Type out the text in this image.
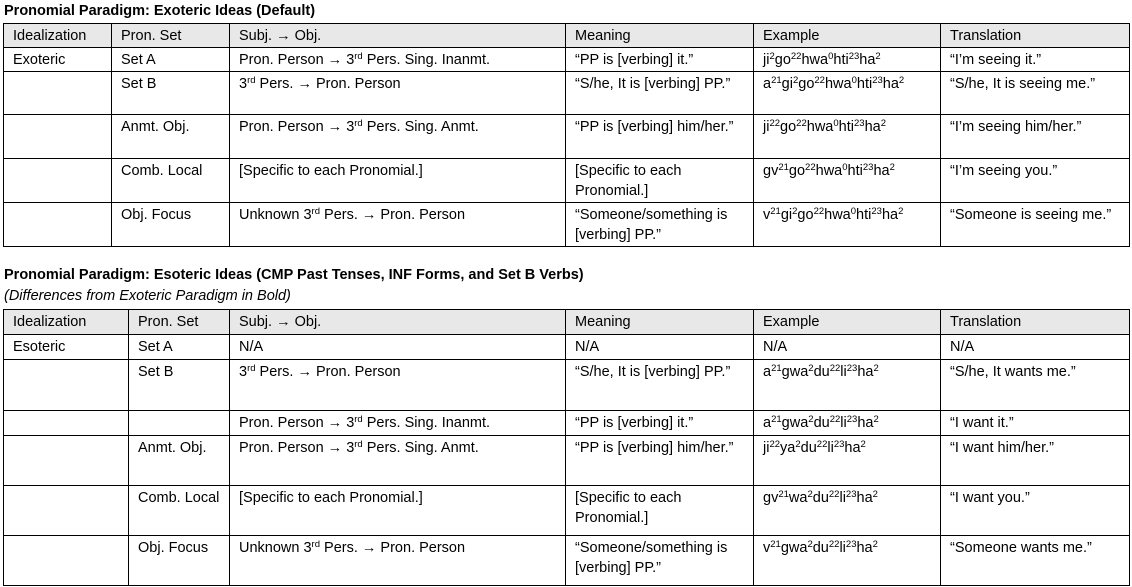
Pronomial Paradigm: Exoteric Ideas (Default)
Idealization	Pron. Set	Subj. → Obj.	Meaning	Example	Translation
Exoteric	Set A	Pron. Person → 3rd Pers. Sing. Inanmt.	“PP is [verbing] it.”	$ji^2go^{22}hwa^0hti^{23}ha^2$	“I’m seeing it.”
	Set B	3rd Pers. → Pron. Person	“S/he, It is [verbing] PP.”	$a^{21}gi^2go^{22}hwa^0hti^{23}ha^2$	“S/he, It is seeing me.”
	Anmt. Obj.	Pron. Person → 3rd Pers. Sing. Anmt.	“PP is [verbing] him/her.”	$ji^{22}go^{22}hwa^0hti^{23}ha^2$	“I’m seeing him/her.”
	Comb. Local	[Specific to each Pronomial.]	[Specific to each Pronomial.]	$gv^{21}go^{22}hwa^0hti^{23}ha^2$	“I’m seeing you.”
	Obj. Focus	Unknown 3rd Pers. → Pron. Person	“Someone/something is [verbing] PP.”	$v^{21}gi^2go^{22}hwa^0hti^{23}ha^2$	“Someone is seeing me.”
Pronomial Paradigm: Esoteric Ideas (CMP Past Tenses, INF Forms, and Set B Verbs)
(Differences from Exoteric Paradigm in Bold)
Idealization	Pron. Set	Subj. → Obj.	Meaning	Example	Translation
Esoteric	Set A	N/A	N/A	N/A	N/A
	Set B	3rd Pers. → Pron. Person	“S/he, It is [verbing] PP.”	$a^{21}gwa^2du^{22}li^{23}ha^2$	“S/he, It wants me.”
		Pron. Person → 3rd Pers. Sing. Inanmt.	“PP is [verbing] it.”	$a^{21}gwa^2du^{22}li^{23}ha^2$	“I want it.”
	Anmt. Obj.	Pron. Person → 3rd Pers. Sing. Anmt.	“PP is [verbing] him/her.”	$ji^{22}ya^2du^{22}li^{23}ha^2$	“I want him/her.”
	Comb. Local	[Specific to each Pronomial.]	[Specific to each Pronomial.]	$gv^{21}wa^2du^{22}li^{23}ha^2$	“I want you.”
	Obj. Focus	Unknown 3rd Pers. → Pron. Person	“Someone/something is [verbing] PP.”	$v^{21}gwa^2du^{22}li^{23}ha^2$	“Someone wants me.”
